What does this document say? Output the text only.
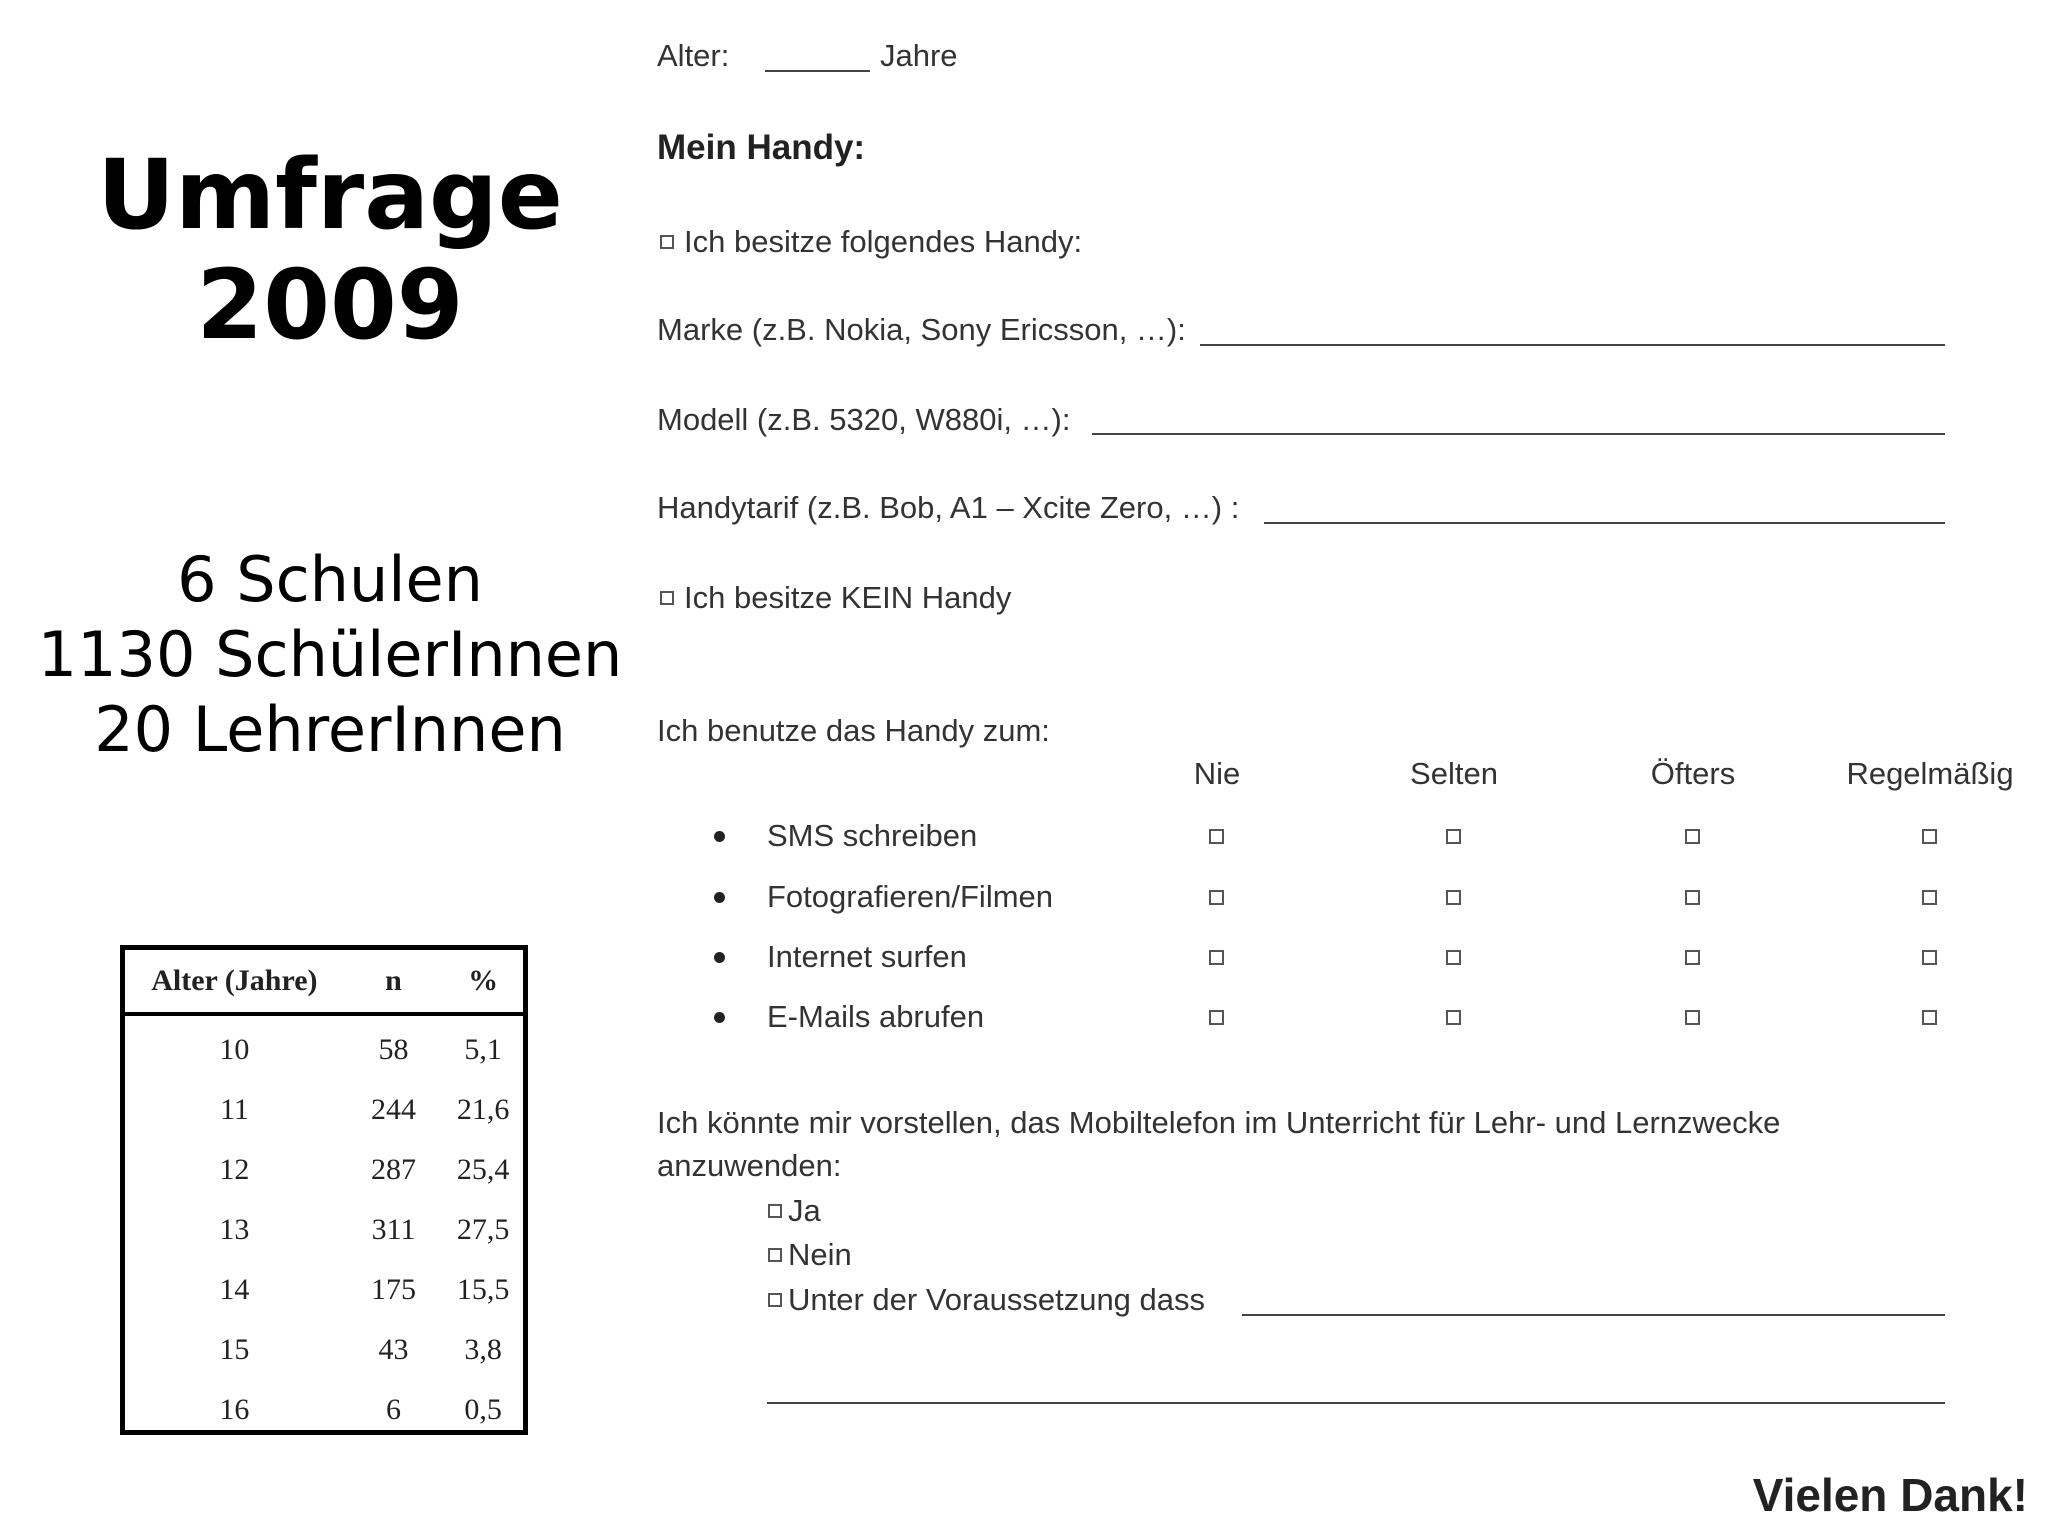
Umfrage
2009
6 Schulen
1130 SchülerInnen
20 LehrerInnen
Alter (Jahre)	n	%
10	58	5,1
11	244	21,6
12	287	25,4
13	311	27,5
14	175	15,5
15	43	3,8
16	6	0,5
Alter:	Jahre
Mein Handy:
Ich besitze folgendes Handy:
Marke (z.B. Nokia, Sony Ericsson, …):
Modell (z.B. 5320, W880i, …):
Handytarif (z.B. Bob, A1 – Xcite Zero, …) :
Ich besitze KEIN Handy
Ich benutze das Handy zum:
Nie	Selten	Öfters	Regelmäßig
SMS schreiben
Fotografieren/Filmen
Internet surfen
E-Mails abrufen
Ich könnte mir vorstellen, das Mobiltelefon im Unterricht für Lehr- und Lernzwecke
anzuwenden:
Ja
Nein
Unter der Voraussetzung dass
Vielen Dank!
